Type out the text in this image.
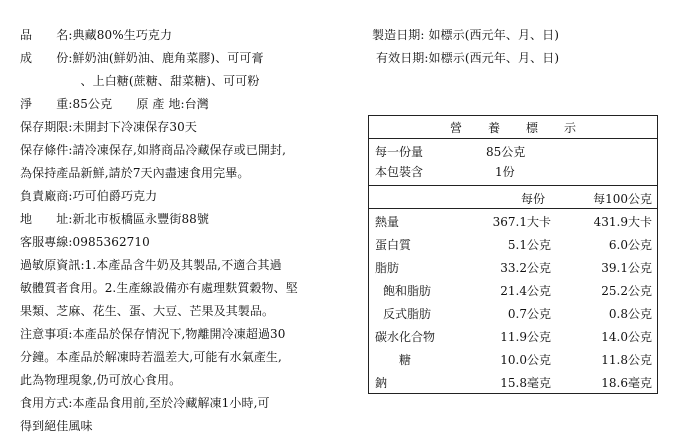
品　　名:典藏80%生巧克力
成　　份:鮮奶油(鮮奶油、鹿角菜膠)、可可膏
　　　　　、上白糖(蔗糖、甜菜糖)、可可粉
淨　　重:85公克　　原 產 地:台灣
保存期限:未開封下冷凍保存30天
保存條件:請冷凍保存,如將商品冷藏保存或已開封,
為保持產品新鮮,請於7天內盡速食用完畢。
負責廠商:巧可伯爵巧克力
地　　址:新北市板橋區永豐街88號
客服專線:0985362710
過敏原資訊:1.本產品含牛奶及其製品,不適合其過
敏體質者食用。2.生產線設備亦有處理麩質穀物、堅
果類、芝麻、花生、蛋、大豆、芒果及其製品。
注意事項:本產品於保存情況下,物離開冷凍超過30
分鐘。本產品於解凍時若溫差大,可能有水氣產生,
此為物理現象,仍可放心食用。
食用方式:本產品食用前,至於冷藏解凍1小時,可
得到絕佳風味
製造日期: 如標示(西元年、月、日)
有效日期:如標示(西元年、月、日)
營養標示
每一份量	85公克
本包裝含	1份
每份	每100公克
熱量	367.1大卡	431.9大卡
蛋白質	5.1公克	6.0公克
脂肪	33.2公克	39.1公克
飽和脂肪	21.4公克	25.2公克
反式脂肪	0.7公克	0.8公克
碳水化合物	11.9公克	14.0公克
糖	10.0公克	11.8公克
鈉	15.8毫克	18.6毫克
